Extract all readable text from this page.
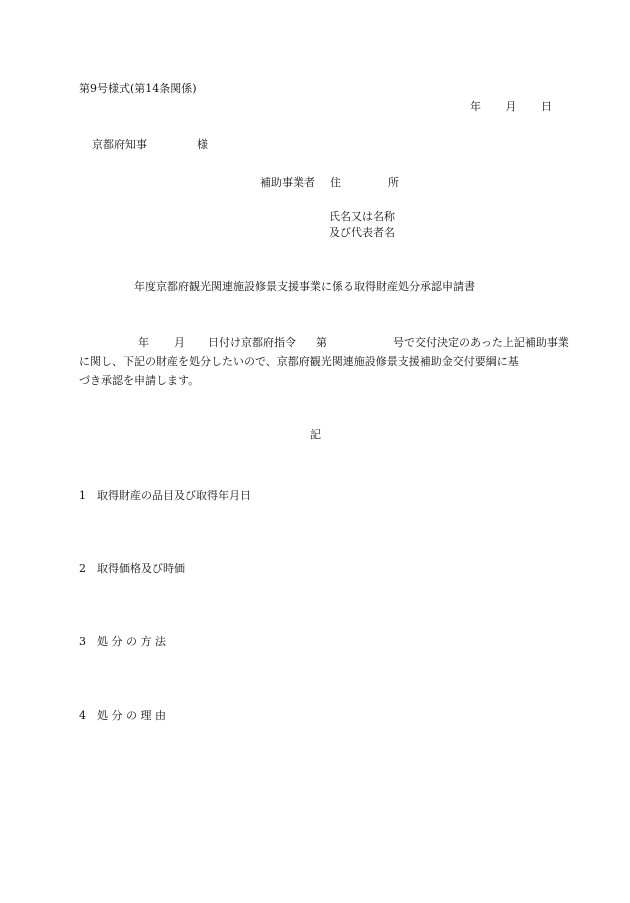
第9号様式(第14条関係)
年 月 日
京都府知事	様
補助事業者 住	所
氏名又は名称
及び代表者名
年度京都府観光関連施設修景支援事業に係る取得財産処分承認申請書
年 月 日付け京都府指令 第	号で交付決定のあった上記補助事業
に関し、下記の財産を処分したいので、京都府観光関連施設修景支援補助金交付要綱に基
づき承認を申請します。
記
1　取得財産の品目及び取得年月日
2　取得価格及び時価
3　処 分 の 方 法
4　処 分 の 理 由
